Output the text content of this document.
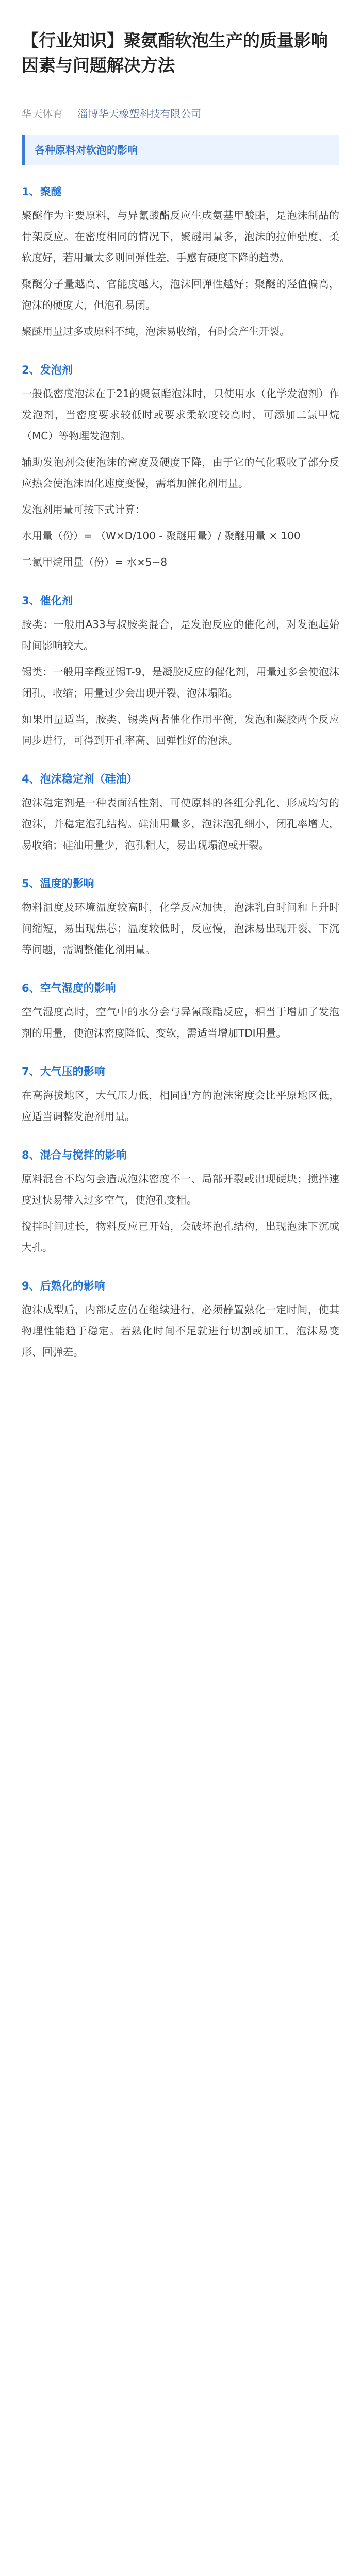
【行业知识】聚氨酯软泡生产的质量影响因素与问题解决方法
华天体育 淄博华天橡塑科技有限公司
各种原料对软泡的影响
1、聚醚

聚醚作为主要原料，与异氰酸酯反应生成氨基甲酸酯，是泡沫制品的骨架反应。在密度相同的情况下，聚醚用量多，泡沫的拉伸强度、柔软度好，若用量太多则回弹性差，手感有硬度下降的趋势。

聚醚分子量越高、官能度越大，泡沫回弹性越好；聚醚的羟值偏高，泡沫的硬度大，但泡孔易闭。

聚醚用量过多或原料不纯，泡沫易收缩，有时会产生开裂。

2、发泡剂

一般低密度泡沫在于21的聚氨酯泡沫时，只使用水（化学发泡剂）作发泡剂，当密度要求较低时或要求柔软度较高时，可添加二氯甲烷（MC）等物理发泡剂。

辅助发泡剂会使泡沫的密度及硬度下降，由于它的气化吸收了部分反应热会使泡沫固化速度变慢，需增加催化剂用量。

发泡剂用量可按下式计算：

水用量（份）= （W×D/100 - 聚醚用量）/ 聚醚用量 × 100

二氯甲烷用量（份）= 水×5~8

3、催化剂

胺类：一般用A33与叔胺类混合，是发泡反应的催化剂，对发泡起始时间影响较大。

锡类：一般用辛酸亚锡T-9，是凝胶反应的催化剂，用量过多会使泡沫闭孔、收缩；用量过少会出现开裂、泡沫塌陷。

如果用量适当，胺类、锡类两者催化作用平衡，发泡和凝胶两个反应同步进行，可得到开孔率高、回弹性好的泡沫。

4、泡沫稳定剂（硅油）

泡沫稳定剂是一种表面活性剂，可使原料的各组分乳化、形成均匀的泡沫，并稳定泡孔结构。硅油用量多，泡沫泡孔细小，闭孔率增大，易收缩；硅油用量少，泡孔粗大，易出现塌泡或开裂。

5、温度的影响

物料温度及环境温度较高时，化学反应加快，泡沫乳白时间和上升时间缩短，易出现焦芯；温度较低时，反应慢，泡沫易出现开裂、下沉等问题，需调整催化剂用量。

6、空气湿度的影响

空气湿度高时，空气中的水分会与异氰酸酯反应，相当于增加了发泡剂的用量，使泡沫密度降低、变软，需适当增加TDI用量。

7、大气压的影响

在高海拔地区，大气压力低，相同配方的泡沫密度会比平原地区低，应适当调整发泡剂用量。

8、混合与搅拌的影响

原料混合不均匀会造成泡沫密度不一、局部开裂或出现硬块；搅拌速度过快易带入过多空气，使泡孔变粗。

搅拌时间过长，物料反应已开始，会破坏泡孔结构，出现泡沫下沉或大孔。

9、后熟化的影响

泡沫成型后，内部反应仍在继续进行，必须静置熟化一定时间，使其物理性能趋于稳定。若熟化时间不足就进行切割或加工，泡沫易变形、回弹差。
